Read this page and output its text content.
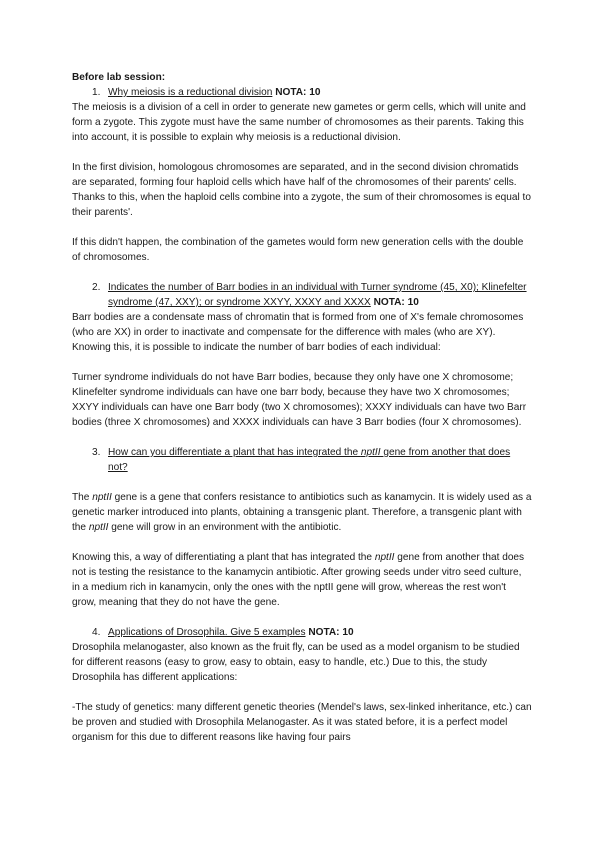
Before lab session:

1. Why meiosis is a reductional division NOTA: 10

The meiosis is a division of a cell in order to generate new gametes or germ cells, which will unite and form a zygote. This zygote must have the same number of chromosomes as their parents. Taking this into account, it is possible to explain why meiosis is a reductional division.

In the first division, homologous chromosomes are separated, and in the second division chromatids are separated, forming four haploid cells which have half of the chromosomes of their parents' cells. Thanks to this, when the haploid cells combine into a zygote, the sum of their chromosomes is equal to their parents'.

If this didn't happen, the combination of the gametes would form new generation cells with the double of chromosomes.

2. Indicates the number of Barr bodies in an individual with Turner syndrome (45, X0); Klinefelter syndrome (47, XXY); or syndrome XXYY, XXXY and XXXX NOTA: 10

Barr bodies are a condensate mass of chromatin that is formed from one of X's female chromosomes (who are XX) in order to inactivate and compensate for the difference with males (who are XY). Knowing this, it is possible to indicate the number of barr bodies of each individual:

Turner syndrome individuals do not have Barr bodies, because they only have one X chromosome; Klinefelter syndrome individuals can have one barr body, because they have two X chromosomes; XXYY individuals can have one Barr body (two X chromosomes); XXXY individuals can have two Barr bodies (three X chromosomes) and XXXX individuals can have 3 Barr bodies (four X chromosomes).

3. How can you differentiate a plant that has integrated the nptII gene from another that does not?

The nptII gene is a gene that confers resistance to antibiotics such as kanamycin. It is widely used as a genetic marker introduced into plants, obtaining a transgenic plant. Therefore, a transgenic plant with the nptII gene will grow in an environment with the antibiotic.

Knowing this, a way of differentiating a plant that has integrated the nptII gene from another that does not is testing the resistance to the kanamycin antibiotic. After growing seeds under vitro seed culture, in a medium rich in kanamycin, only the ones with the nptII gene will grow, whereas the rest won't grow, meaning that they do not have the gene.

4. Applications of Drosophila. Give 5 examples NOTA: 10

Drosophila melanogaster, also known as the fruit fly, can be used as a model organism to be studied for different reasons (easy to grow, easy to obtain, easy to handle, etc.) Due to this, the study Drosophila has different applications:

-The study of genetics: many different genetic theories (Mendel's laws, sex-linked inheritance, etc.) can be proven and studied with Drosophila Melanogaster. As it was stated before, it is a perfect model organism for this due to different reasons like having four pairs
